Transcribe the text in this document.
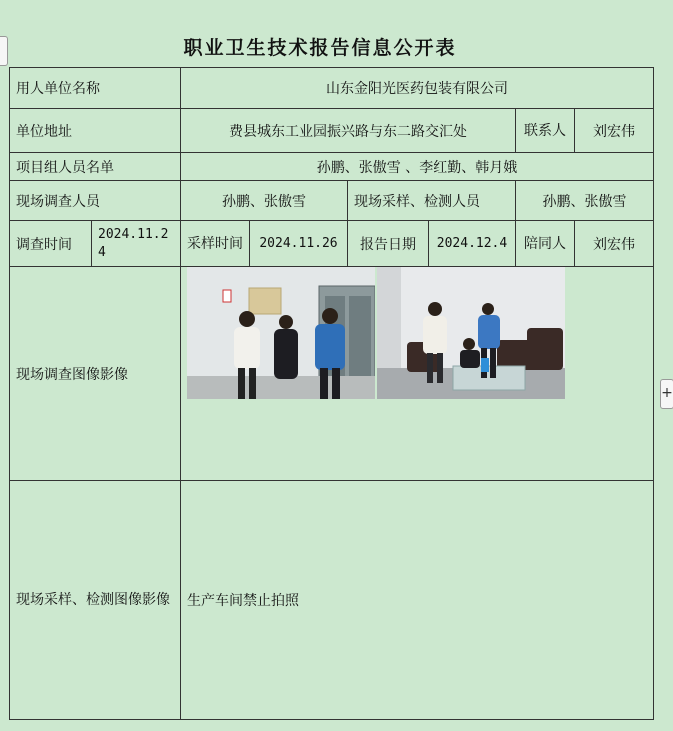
+
职业卫生技术报告信息公开表
用人单位名称		山东金阳光医药包装有限公司					
单位地址		费县城东工业园振兴路与东二路交汇处				联系人	刘宏伟
项目组人员名单		孙鹏、张傲雪 、李红勤、韩月娥					
现场调查人员		孙鹏、张傲雪		现场采样、检测人员		孙鹏、张傲雪	
调查时间	2024.11.24	采样时间	2024.11.26	报告日期	2024.12.4	陪同人	刘宏伟
现场调查图像影像	

现场采样、检测图像影像		生产车间禁止拍照					
